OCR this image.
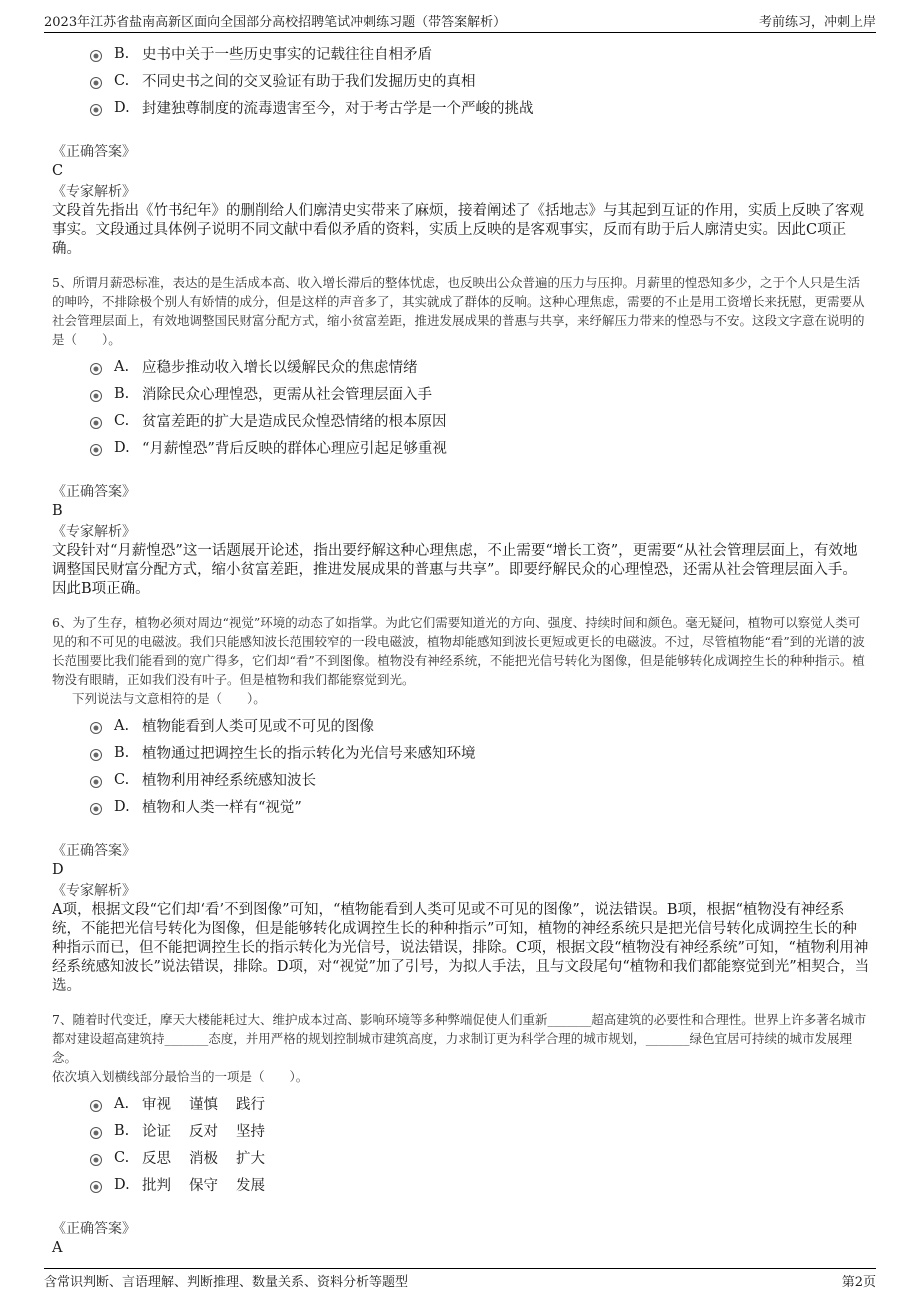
2023年江苏省盐南高新区面向全国部分高校招聘笔试冲刺练习题（带答案解析）	考前练习，冲刺上岸
B. 史书中关于一些历史事实的记载往往自相矛盾
C. 不同史书之间的交叉验证有助于我们发掘历史的真相
D. 封建独尊制度的流毒遗害至今，对于考古学是一个严峻的挑战
《正确答案》
C
《专家解析》
文段首先指出《竹书纪年》的删削给人们廓清史实带来了麻烦，接着阐述了《括地志》与其起到互证的作用，实质上反映了客观事实。文段通过具体例子说明不同文献中看似矛盾的资料，实质上反映的是客观事实，反而有助于后人廓清史实。因此C项正确。
5、所谓月薪恐标准，表达的是生活成本高、收入增长滞后的整体忧虑，也反映出公众普遍的压力与压抑。月薪里的惶恐知多少，之于个人只是生活的呻吟，不排除极个别人有娇情的成分，但是这样的声音多了，其实就成了群体的反响。这种心理焦虑，需要的不止是用工资增长来抚慰，更需要从社会管理层面上，有效地调整国民财富分配方式，缩小贫富差距，推进发展成果的普惠与共享，来纾解压力带来的惶恐与不安。这段文字意在说明的是（　　）。
A. 应稳步推动收入增长以缓解民众的焦虑情绪
B. 消除民众心理惶恐，更需从社会管理层面入手
C. 贫富差距的扩大是造成民众惶恐情绪的根本原因
D. “月薪惶恐”背后反映的群体心理应引起足够重视
《正确答案》
B
《专家解析》
文段针对“月薪惶恐”这一话题展开论述，指出要纾解这种心理焦虑，不止需要“增长工资”，更需要“从社会管理层面上，有效地调整国民财富分配方式，缩小贫富差距，推进发展成果的普惠与共享”。即要纾解民众的心理惶恐，还需从社会管理层面入手。因此B项正确。
6、为了生存，植物必须对周边“视觉”环境的动态了如指掌。为此它们需要知道光的方向、强度、持续时间和颜色。毫无疑问，植物可以察觉人类可见的和不可见的电磁波。我们只能感知波长范围较窄的一段电磁波，植物却能感知到波长更短或更长的电磁波。不过，尽管植物能“看”到的光谱的波长范围要比我们能看到的宽广得多，它们却“看”不到图像。植物没有神经系统，不能把光信号转化为图像，但是能够转化成调控生长的种种指示。植物没有眼睛，正如我们没有叶子。但是植物和我们都能察觉到光。
下列说法与文意相符的是（　　）。
A. 植物能看到人类可见或不可见的图像
B. 植物通过把调控生长的指示转化为光信号来感知环境
C. 植物利用神经系统感知波长
D. 植物和人类一样有“视觉”
《正确答案》
D
《专家解析》
A项，根据文段“它们却‘看’不到图像”可知，“植物能看到人类可见或不可见的图像”，说法错误。B项，根据“植物没有神经系统，不能把光信号转化为图像，但是能够转化成调控生长的种种指示”可知，植物的神经系统只是把光信号转化成调控生长的种种指示而已，但不能把调控生长的指示转化为光信号，说法错误，排除。C项，根据文段“植物没有神经系统”可知，“植物利用神经系统感知波长”说法错误，排除。D项，对“视觉”加了引号，为拟人手法，且与文段尾句“植物和我们都能察觉到光”相契合，当选。
7、随着时代变迁，摩天大楼能耗过大、维护成本过高、影响环境等多种弊端促使人们重新_______超高建筑的必要性和合理性。世界上许多著名城市都对建设超高建筑持_______态度，并用严格的规划控制城市建筑高度，力求制订更为科学合理的城市规划，_______绿色宜居可持续的城市发展理念。
依次填入划横线部分最恰当的一项是（　　）。
A. 审视 谨慎 践行
B. 论证 反对 坚持
C. 反思 消极 扩大
D. 批判 保守 发展
《正确答案》
A
含常识判断、言语理解、判断推理、数量关系、资料分析等题型	第2页
